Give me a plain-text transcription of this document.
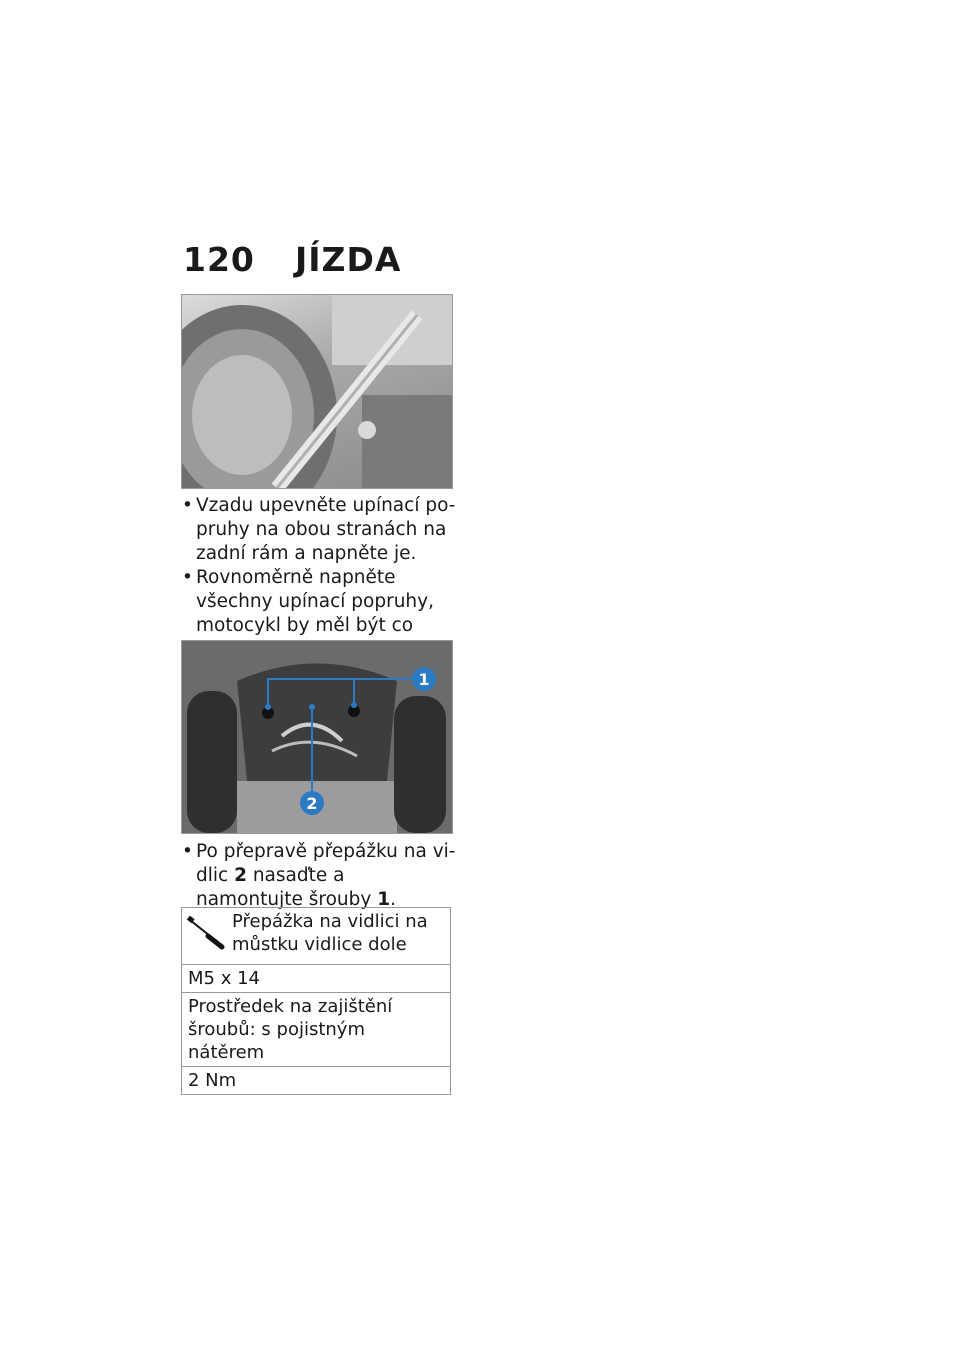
120 JÍZDA

• Vzadu upevněte upínací po-pruhy na obou stranách na zadní rám a napněte je.

• Rovnoměrně napněte všechny upínací popruhy, motocykl by měl být co

1
2

• Po přepravě přepážku na vi-dlic 2 nasaďte a namontujte šrouby 1.

Přepážka na vidlici na můstku vidlice dole
M5 x 14
Prostředek na zajištění šroubů: s pojistným nátěrem
2 Nm
